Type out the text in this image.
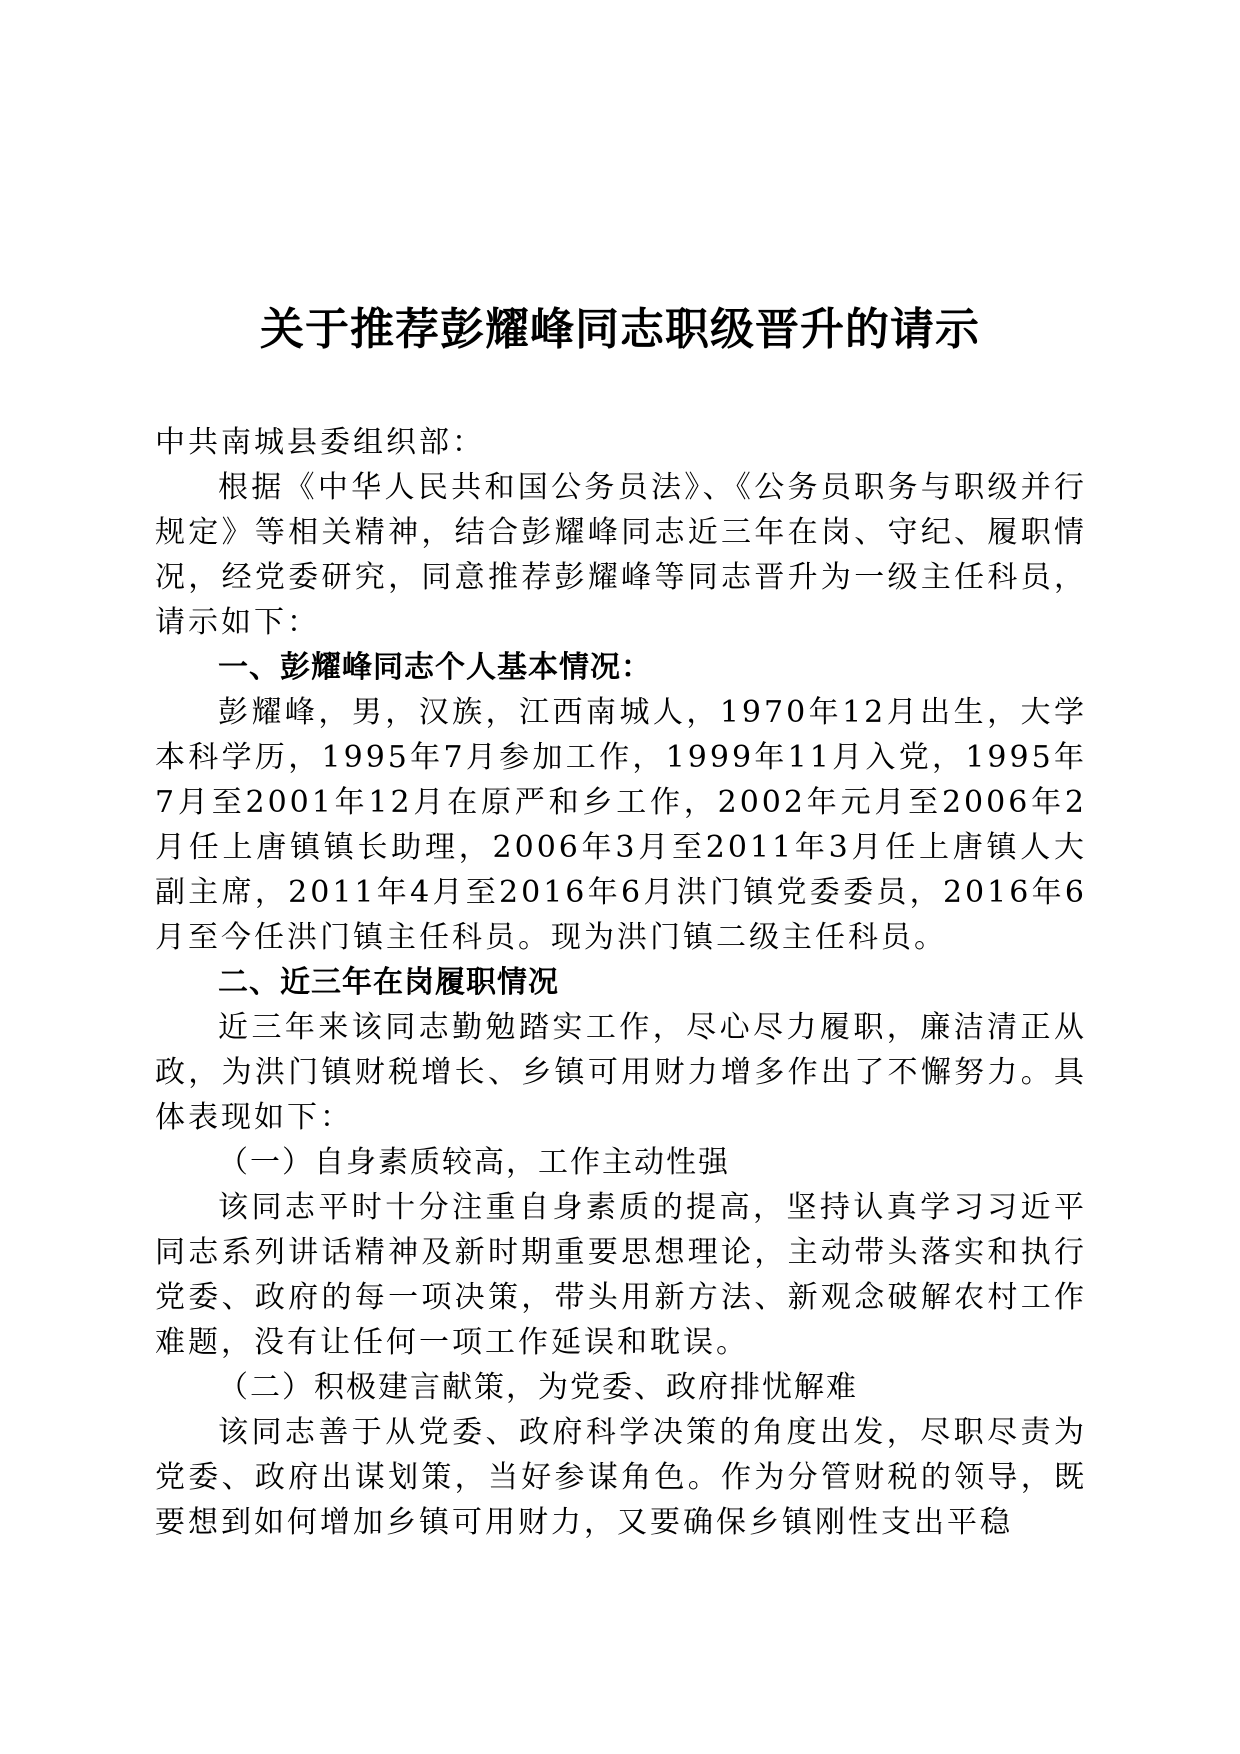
关于推荐彭耀峰同志职级晋升的请示

中共南城县委组织部：

根据《中华人民共和国公务员法》、《公务员职务与职级并行规定》等相关精神，结合彭耀峰同志近三年在岗、守纪、履职情况，经党委研究，同意推荐彭耀峰等同志晋升为一级主任科员，请示如下：

一、彭耀峰同志个人基本情况：

彭耀峰，男，汉族，江西南城人，1970年12月出生，大学本科学历，1995年7月参加工作，1999年11月入党，1995年7月至2001年12月在原严和乡工作，2002年元月至2006年2月任上唐镇镇长助理，2006年3月至2011年3月任上唐镇人大副主席，2011年4月至2016年6月洪门镇党委委员，2016年6月至今任洪门镇主任科员。现为洪门镇二级主任科员。

二、近三年在岗履职情况

近三年来该同志勤勉踏实工作，尽心尽力履职，廉洁清正从政，为洪门镇财税增长、乡镇可用财力增多作出了不懈努力。具体表现如下：

（一）自身素质较高，工作主动性强

该同志平时十分注重自身素质的提高，坚持认真学习习近平同志系列讲话精神及新时期重要思想理论，主动带头落实和执行党委、政府的每一项决策，带头用新方法、新观念破解农村工作难题，没有让任何一项工作延误和耽误。

（二）积极建言献策，为党委、政府排忧解难

该同志善于从党委、政府科学决策的角度出发，尽职尽责为党委、政府出谋划策，当好参谋角色。作为分管财税的领导，既要想到如何增加乡镇可用财力，又要确保乡镇刚性支出平稳
